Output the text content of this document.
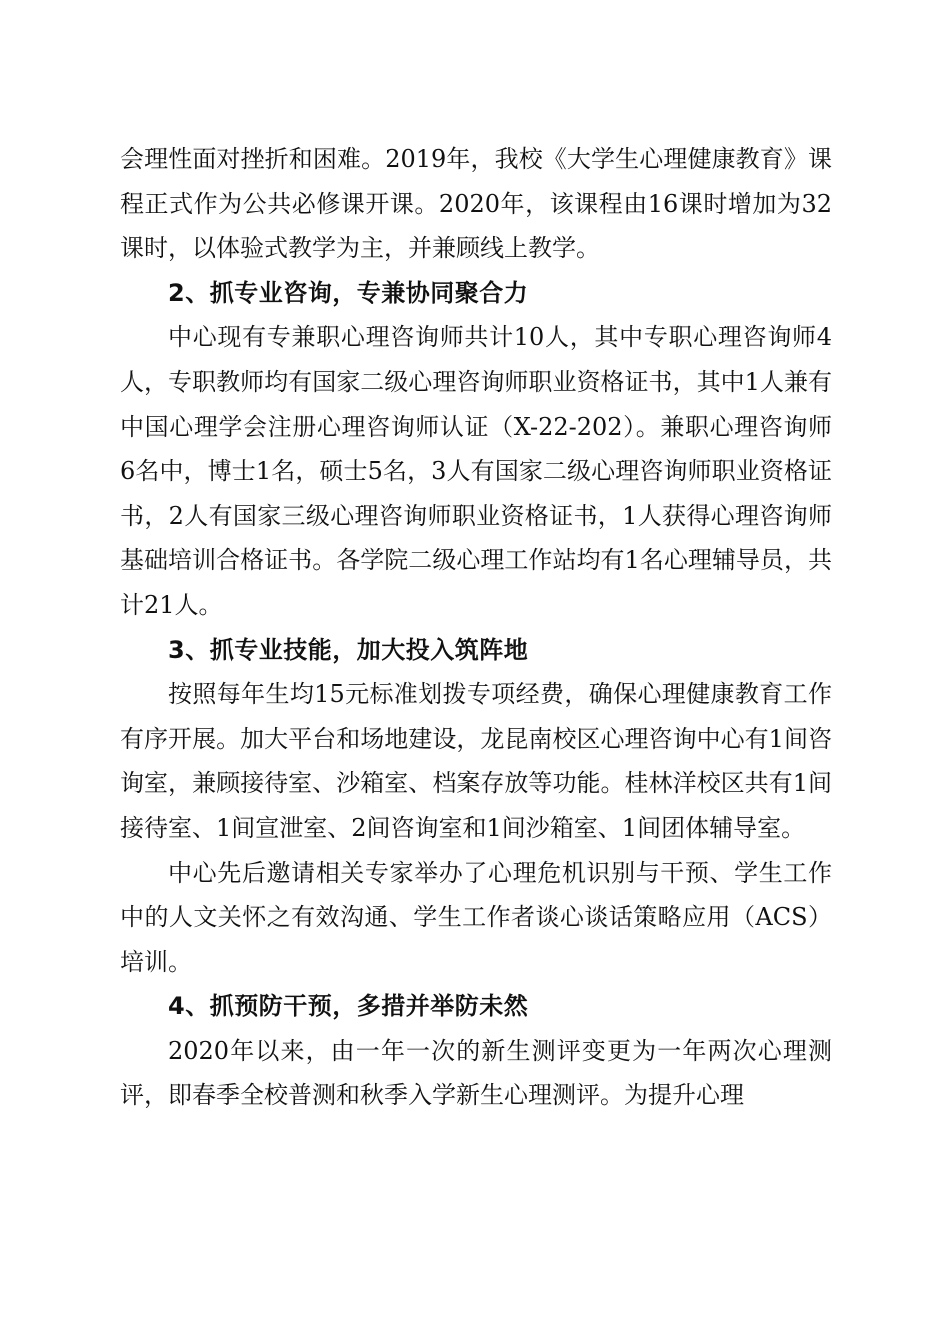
会理性面对挫折和困难。2019年，我校《大学生心理健康教育》课程正式作为公共必修课开课。2020年，该课程由16课时增加为32课时，以体验式教学为主，并兼顾线上教学。

2、抓专业咨询，专兼协同聚合力

中心现有专兼职心理咨询师共计10人，其中专职心理咨询师4人，专职教师均有国家二级心理咨询师职业资格证书，其中1人兼有中国心理学会注册心理咨询师认证（X-22-202）。兼职心理咨询师6名中，博士1名，硕士5名，3人有国家二级心理咨询师职业资格证书，2人有国家三级心理咨询师职业资格证书，1人获得心理咨询师基础培训合格证书。各学院二级心理工作站均有1名心理辅导员，共计21人。

3、抓专业技能，加大投入筑阵地

按照每年生均15元标准划拨专项经费，确保心理健康教育工作有序开展。加大平台和场地建设，龙昆南校区心理咨询中心有1间咨询室，兼顾接待室、沙箱室、档案存放等功能。桂林洋校区共有1间接待室、1间宣泄室、2间咨询室和1间沙箱室、1间团体辅导室。

中心先后邀请相关专家举办了心理危机识别与干预、学生工作中的人文关怀之有效沟通、学生工作者谈心谈话策略应用（ACS）培训。

4、抓预防干预，多措并举防未然

2020年以来，由一年一次的新生测评变更为一年两次心理测评，即春季全校普测和秋季入学新生心理测评。为提升心理
